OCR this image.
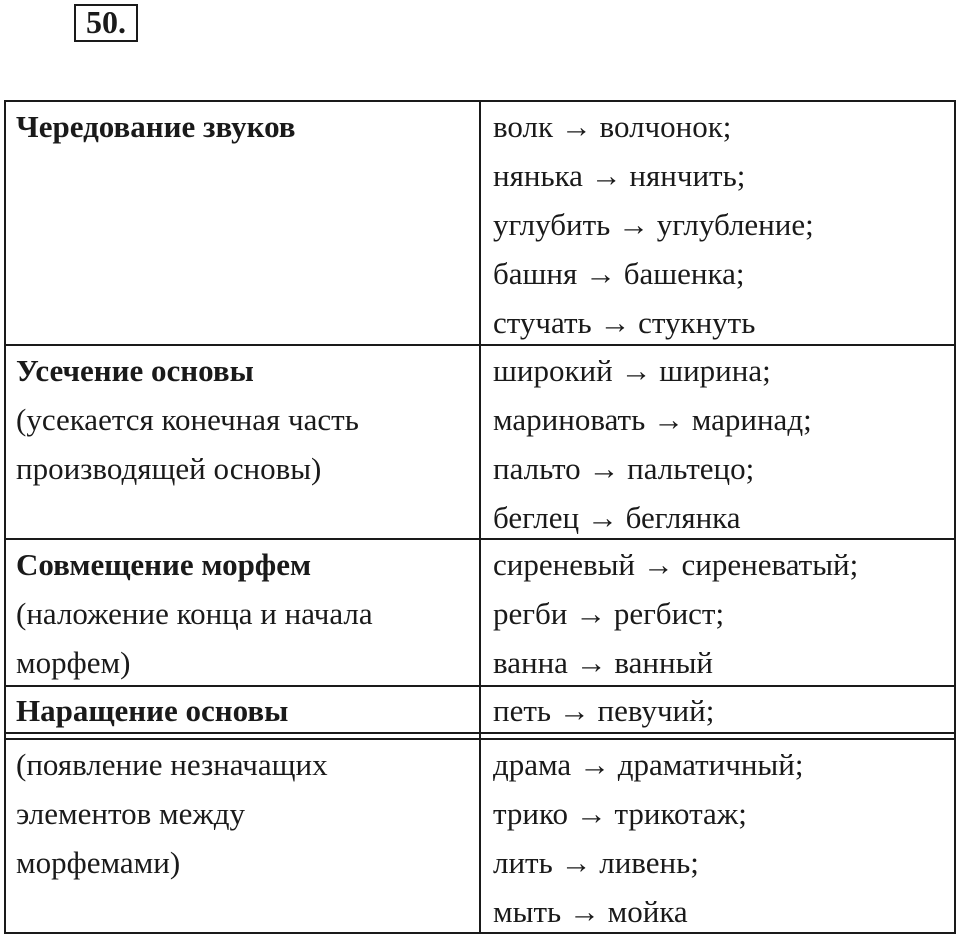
50.
Чередование звуков	волк → волчонок;
нянька → нянчить;
углубить → углубление;
башня → башенка;
стучать → стукнуть
Усечение основы
(усекается конечная часть
производящей основы)
широкий → ширина;
мариновать → маринад;
пальто → пальтецо;
беглец → беглянка
Совмещение морфем
(наложение конца и начала
морфем)
сиреневый → сиреневатый;
регби → регбист;
ванна → ванный
Наращение основы	петь → певучий;
(появление незначащих
элементов между
морфемами)
драма → драматичный;
трико → трикотаж;
лить → ливень;
мыть → мойка
